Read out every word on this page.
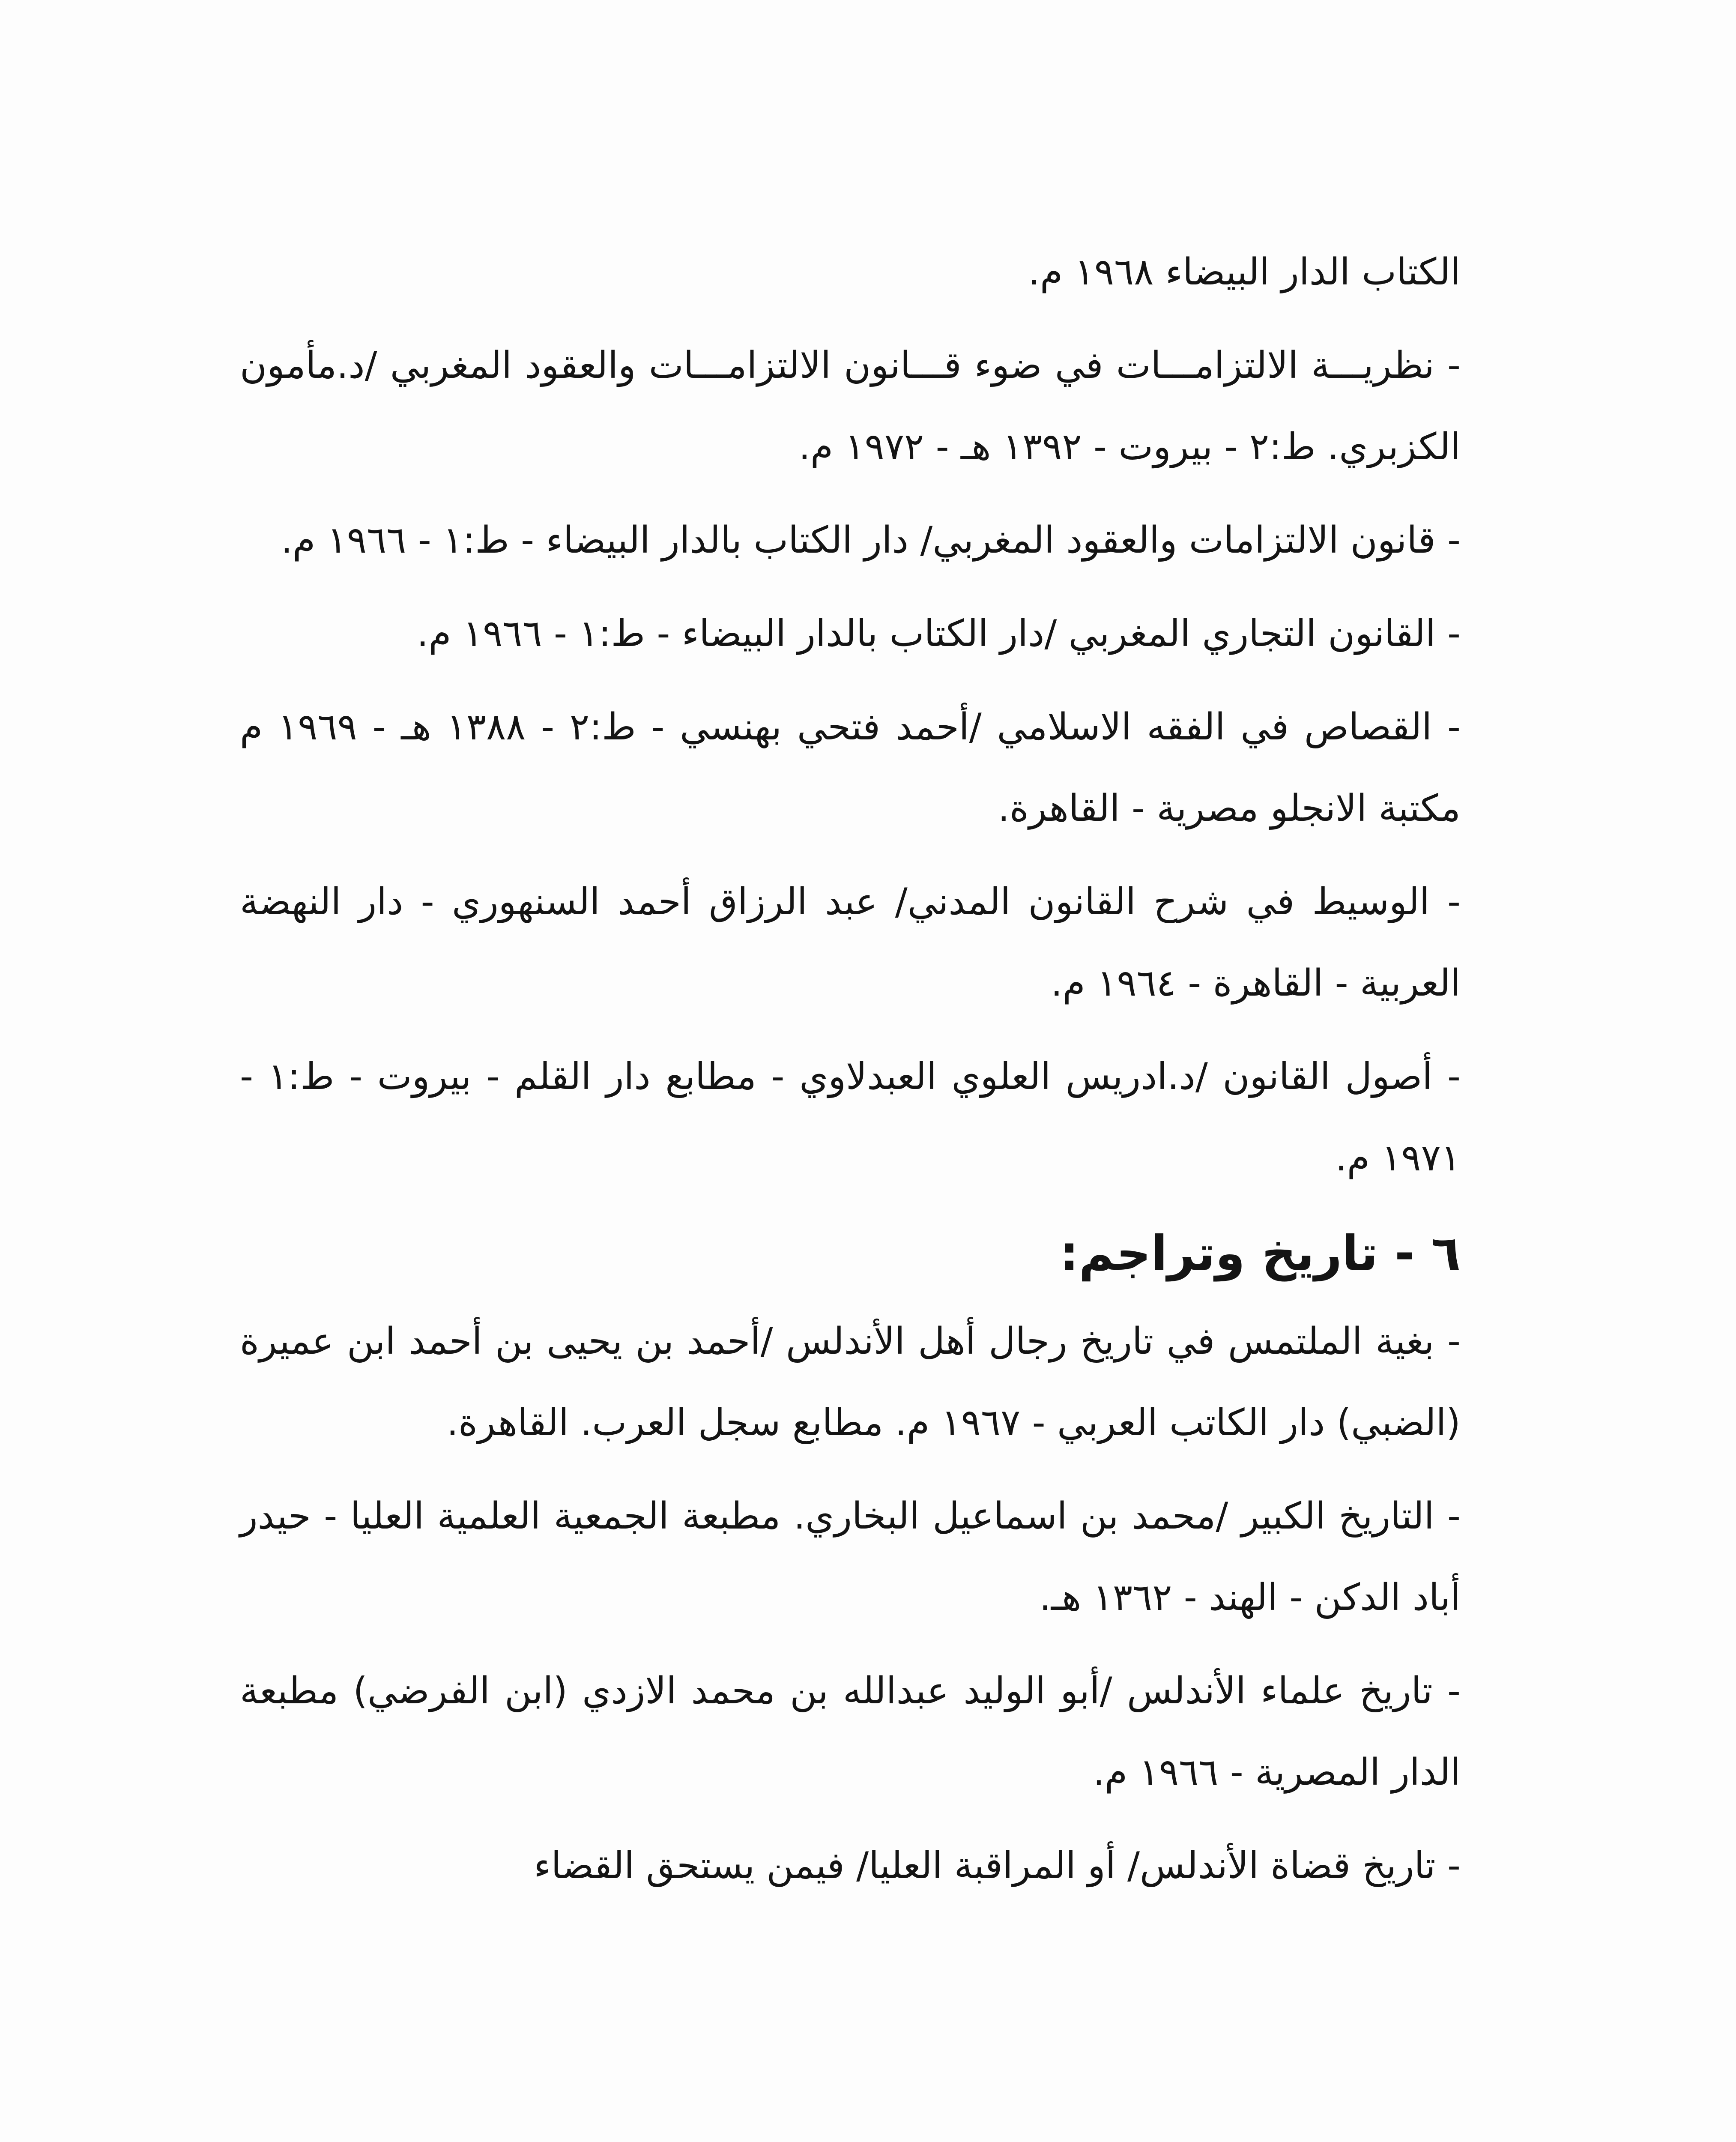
الكتاب الدار البيضاء ١٩٦٨ م.

- نظريـــة الالتزامـــات في ضوء قـــانون الالتزامـــات والعقود المغربي /د.مأمون الكزبري. ط:٢ - بيروت - ١٣٩٢ هـ - ١٩٧٢ م.

- قانون الالتزامات والعقود المغربي/ دار الكتاب بالدار البيضاء - ط:١ - ١٩٦٦ م.

- القانون التجاري المغربي /دار الكتاب بالدار البيضاء - ط:١ - ١٩٦٦ م.

- القصاص في الفقه الاسلامي /أحمد فتحي بهنسي - ط:٢ - ١٣٨٨ هـ - ١٩٦٩ م مكتبة الانجلو مصرية - القاهرة.

- الوسيط في شرح القانون المدني/ عبد الرزاق أحمد السنهوري - دار النهضة العربية - القاهرة - ١٩٦٤ م.

- أصول القانون /د.ادريس العلوي العبدلاوي - مطابع دار القلم - بيروت - ط:١ - ١٩٧١ م.

٦ - تاريخ وتراجم:

- بغية الملتمس في تاريخ رجال أهل الأندلس /أحمد بن يحيى بن أحمد ابن عميرة (الضبي) دار الكاتب العربي - ١٩٦٧ م. مطابع سجل العرب. القاهرة.

- التاريخ الكبير /محمد بن اسماعيل البخاري. مطبعة الجمعية العلمية العليا - حيدر أباد الدكن - الهند - ١٣٦٢ هـ.

- تاريخ علماء الأندلس /أبو الوليد عبدالله بن محمد الازدي (ابن الفرضي) مطبعة الدار المصرية - ١٩٦٦ م.

- تاريخ قضاة الأندلس/ أو المراقبة العليا/ فيمن يستحق القضاء
